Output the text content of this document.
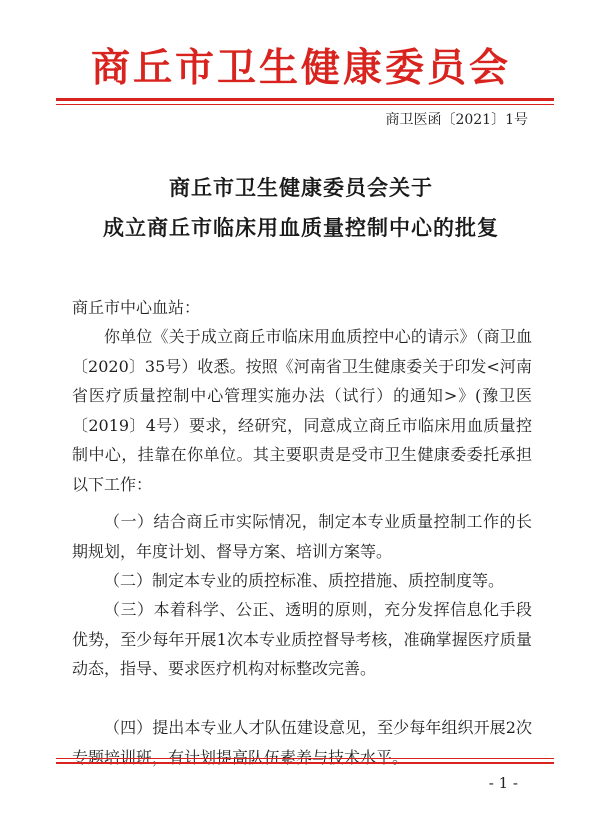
商丘市卫生健康委员会
商卫医函〔2021〕1号
商丘市卫生健康委员会关于
成立商丘市临床用血质量控制中心的批复
商丘市中心血站：
你单位《关于成立商丘市临床用血质控中心的请示》（商卫血〔2020〕35号）收悉。按照《河南省卫生健康委关于印发<河南省医疗质量控制中心管理实施办法（试行）的通知>》(豫卫医〔2019〕4号）要求，经研究，同意成立商丘市临床用血质量控制中心，挂靠在你单位。其主要职责是受市卫生健康委委托承担以下工作：
（一）结合商丘市实际情况，制定本专业质量控制工作的长期规划，年度计划、督导方案、培训方案等。
（二）制定本专业的质控标准、质控措施、质控制度等。
（三）本着科学、公正、透明的原则，充分发挥信息化手段优势，至少每年开展1次本专业质控督导考核，准确掌握医疗质量动态，指导、要求医疗机构对标整改完善。
（四）提出本专业人才队伍建设意见，至少每年组织开展2次专题培训班，有计划提高队伍素养与技术水平。
- 1 -
